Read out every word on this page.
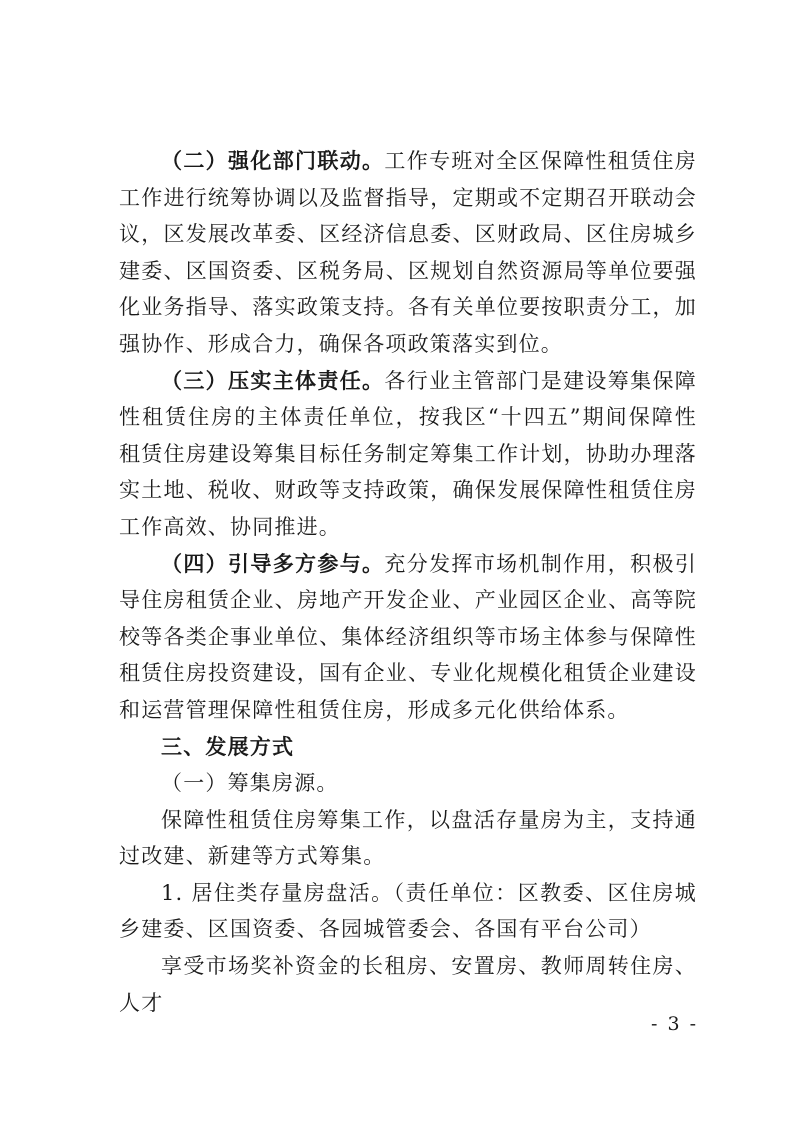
（二）强化部门联动。工作专班对全区保障性租赁住房工作进行统筹协调以及监督指导，定期或不定期召开联动会议，区发展改革委、区经济信息委、区财政局、区住房城乡建委、区国资委、区税务局、区规划自然资源局等单位要强化业务指导、落实政策支持。各有关单位要按职责分工，加强协作、形成合力，确保各项政策落实到位。

（三）压实主体责任。各行业主管部门是建设筹集保障性租赁住房的主体责任单位，按我区“十四五”期间保障性租赁住房建设筹集目标任务制定筹集工作计划，协助办理落实土地、税收、财政等支持政策，确保发展保障性租赁住房工作高效、协同推进。

（四）引导多方参与。充分发挥市场机制作用，积极引导住房租赁企业、房地产开发企业、产业园区企业、高等院校等各类企事业单位、集体经济组织等市场主体参与保障性租赁住房投资建设，国有企业、专业化规模化租赁企业建设和运营管理保障性租赁住房，形成多元化供给体系。

三、发展方式

（一）筹集房源。

保障性租赁住房筹集工作，以盘活存量房为主，支持通过改建、新建等方式筹集。

1. 居住类存量房盘活。（责任单位：区教委、区住房城乡建委、区国资委、各园城管委会、各国有平台公司）

享受市场奖补资金的长租房、安置房、教师周转住房、人才

- 3 -
